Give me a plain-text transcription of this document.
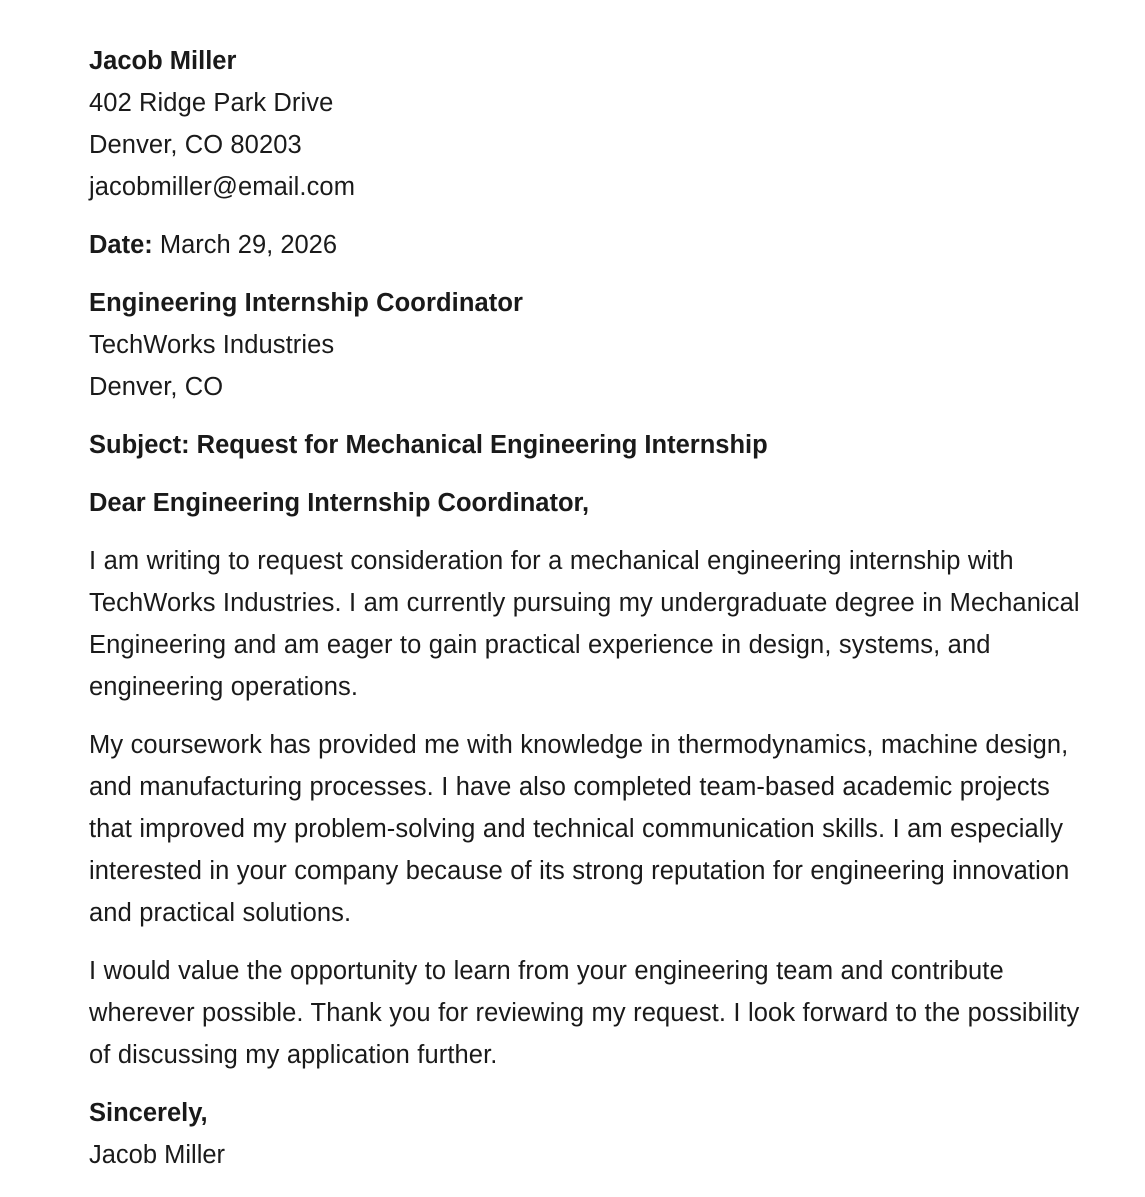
Jacob Miller
402 Ridge Park Drive
Denver, CO 80203
jacobmiller@email.com
Date: March 29, 2026
Engineering Internship Coordinator
TechWorks Industries
Denver, CO
Subject: Request for Mechanical Engineering Internship
Dear Engineering Internship Coordinator,

I am writing to request consideration for a mechanical engineering internship with TechWorks Industries. I am currently pursuing my undergraduate degree in Mechanical Engineering and am eager to gain practical experience in design, systems, and engineering operations.

My coursework has provided me with knowledge in thermodynamics, machine design, and manufacturing processes. I have also completed team-based academic projects that improved my problem-solving and technical communication skills. I am especially interested in your company because of its strong reputation for engineering innovation and practical solutions.

I would value the opportunity to learn from your engineering team and contribute wherever possible. Thank you for reviewing my request. I look forward to the possibility of discussing my application further.

Sincerely,
Jacob Miller
